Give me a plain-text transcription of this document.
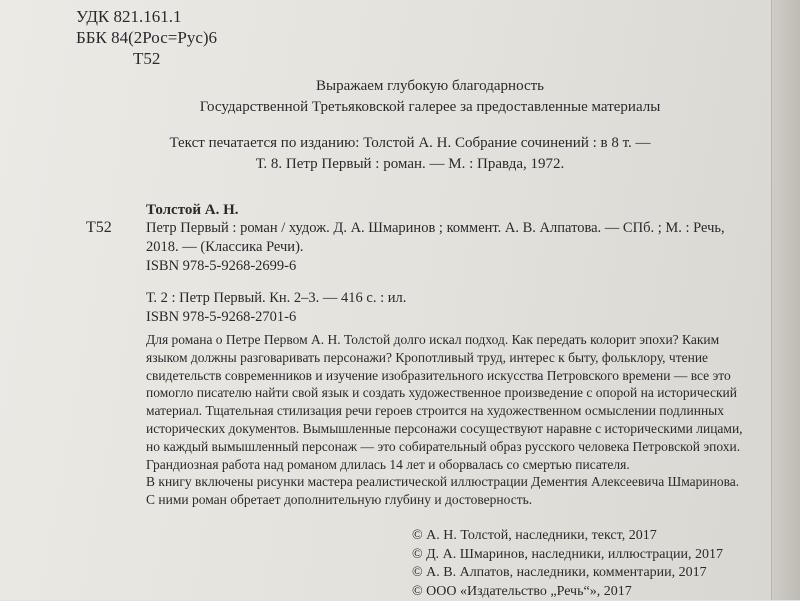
УДК 821.161.1
ББК 84(2Рос=Рус)6
Т52
Выражаем глубокую благодарность
Государственной Третьяковской галерее за предоставленные материалы
Текст печатается по изданию: Толстой А. Н. Собрание сочинений : в 8 т. —
Т. 8. Петр Первый : роман. — М. : Правда, 1972.
Толстой А. Н.
Т52 Петр Первый : роман / худож. Д. А. Шмаринов ; коммент. А. В. Алпатова. — СПб. ; М. : Речь,
2018. — (Классика Речи).
ISBN 978-5-9268-2699-6
Т. 2 : Петр Первый. Кн. 2–3. — 416 с. : ил.
ISBN 978-5-9268-2701-6
Для романа о Петре Первом А. Н. Толстой долго искал подход. Как передать колорит эпохи? Каким
языком должны разговаривать персонажи? Кропотливый труд, интерес к быту, фольклору, чтение
свидетельств современников и изучение изобразительного искусства Петровского времени — все это
помогло писателю найти свой язык и создать художественное произведение с опорой на исторический
материал. Тщательная стилизация речи героев строится на художественном осмыслении подлинных
исторических документов. Вымышленные персонажи сосуществуют наравне с историческими лицами,
но каждый вымышленный персонаж — это собирательный образ русского человека Петровской эпохи.
Грандиозная работа над романом длилась 14 лет и оборвалась со смертью писателя.
В книгу включены рисунки мастера реалистической иллюстрации Дементия Алексеевича Шмаринова.
С ними роман обретает дополнительную глубину и достоверность.
© А. Н. Толстой, наследники, текст, 2017
© Д. А. Шмаринов, наследники, иллюстрации, 2017
© А. В. Алпатов, наследники, комментарии, 2017
© ООО «Издательство „Речь“», 2017
